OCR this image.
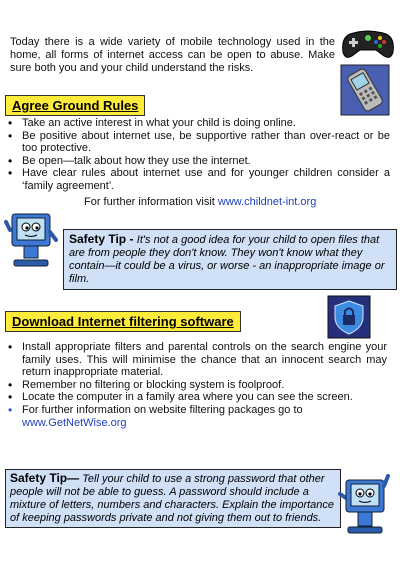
Today there is a wide variety of mobile technology used in the home, all forms of internet access can be open to abuse. Make sure both you and your child understand the risks.
Agree Ground Rules
• Take an active interest in what your child is doing online.
• Be positive about internet use, be supportive rather than over-react or be too protective.
• Be open—talk about how they use the internet.
• Have clear rules about internet use and for younger children consider a ‘family agreement’.
For further information visit www.childnet-int.org
Safety Tip - It's not a good idea for your child to open files that are from people they don't know. They won't know what they contain—it could be a virus, or worse - an inappropriate image or film.
Download Internet filtering software
• Install appropriate filters and parental controls on the search engine your family uses. This will minimise the chance that an innocent search may return inappropriate material.
• Remember no filtering or blocking system is foolproof.
• Locate the computer in a family area where you can see the screen.
• For further information on website filtering packages go to
www.GetNetWise.org
Safety Tip— Tell your child to use a strong password that other people will not be able to guess. A password should include a mixture of letters, numbers and characters. Explain the importance of keeping passwords private and not giving them out to friends.
